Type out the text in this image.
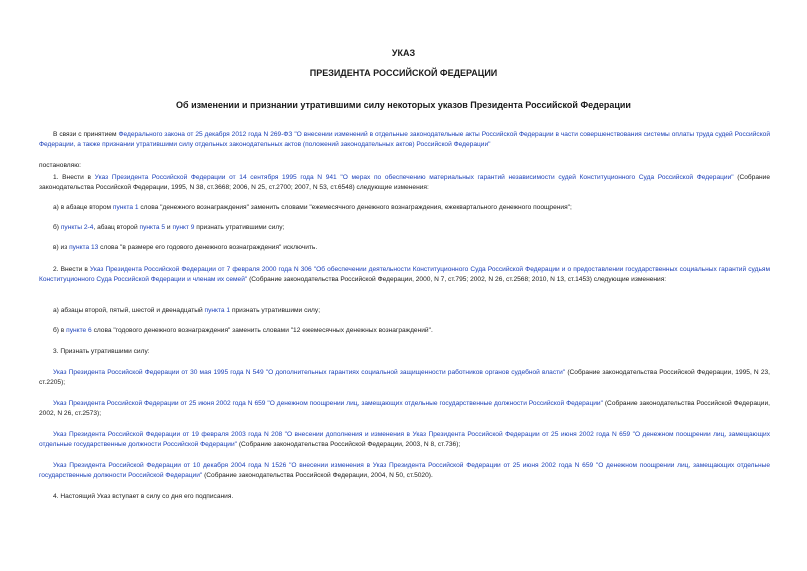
УКАЗ
ПРЕЗИДЕНТА РОССИЙСКОЙ ФЕДЕРАЦИИ
Об изменении и признании утратившими силу некоторых указов Президента Российской Федерации
В связи с принятием Федерального закона от 25 декабря 2012 года N 269-ФЗ "О внесении изменений в отдельные законодательные акты Российской Федерации в части совершенствования системы оплаты труда судей Российской Федерации, а также признании утратившими силу отдельных законодательных актов (положений законодательных актов) Российской Федерации"
постановляю:
1. Внести в Указ Президента Российской Федерации от 14 сентября 1995 года N 941 "О мерах по обеспечению материальных гарантий независимости судей Конституционного Суда Российской Федерации" (Собрание законодательства Российской Федерации, 1995, N 38, ст.3668; 2006, N 25, ст.2700; 2007, N 53, ст.6548) следующие изменения:
а) в абзаце втором пункта 1 слова "денежного вознаграждения" заменить словами "ежемесячного денежного вознаграждения, ежеквартального денежного поощрения";
б) пункты 2-4, абзац второй пункта 5 и пункт 9 признать утратившими силу;
в) из пункта 13 слова "в размере его годового денежного вознаграждения" исключить.
2. Внести в Указ Президента Российской Федерации от 7 февраля 2000 года N 306 "Об обеспечении деятельности Конституционного Суда Российской Федерации и о предоставлении государственных социальных гарантий судьям Конституционного Суда Российской Федерации и членам их семей" (Собрание законодательства Российской Федерации, 2000, N 7, ст.795; 2002, N 26, ст.2568; 2010, N 13, ст.1453) следующие изменения:
а) абзацы второй, пятый, шестой и двенадцатый пункта 1 признать утратившими силу;
б) в пункте 6 слова "годового денежного вознаграждения" заменить словами "12 ежемесячных денежных вознаграждений".
3. Признать утратившими силу:
Указ Президента Российской Федерации от 30 мая 1995 года N 549 "О дополнительных гарантиях социальной защищенности работников органов судебной власти" (Собрание законодательства Российской Федерации, 1995, N 23, ст.2205);
Указ Президента Российской Федерации от 25 июня 2002 года N 659 "О денежном поощрении лиц, замещающих отдельные государственные должности Российской Федерации" (Собрание законодательства Российской Федерации, 2002, N 26, ст.2573);
Указ Президента Российской Федерации от 19 февраля 2003 года N 208 "О внесении дополнения и изменения в Указ Президента Российской Федерации от 25 июня 2002 года N 659 "О денежном поощрении лиц, замещающих отдельные государственные должности Российской Федерации" (Собрание законодательства Российской Федерации, 2003, N 8, ст.736);
Указ Президента Российской Федерации от 10 декабря 2004 года N 1526 "О внесении изменения в Указ Президента Российской Федерации от 25 июня 2002 года N 659 "О денежном поощрении лиц, замещающих отдельные государственные должности Российской Федерации" (Собрание законодательства Российской Федерации, 2004, N 50, ст.5020).
4. Настоящий Указ вступает в силу со дня его подписания.
